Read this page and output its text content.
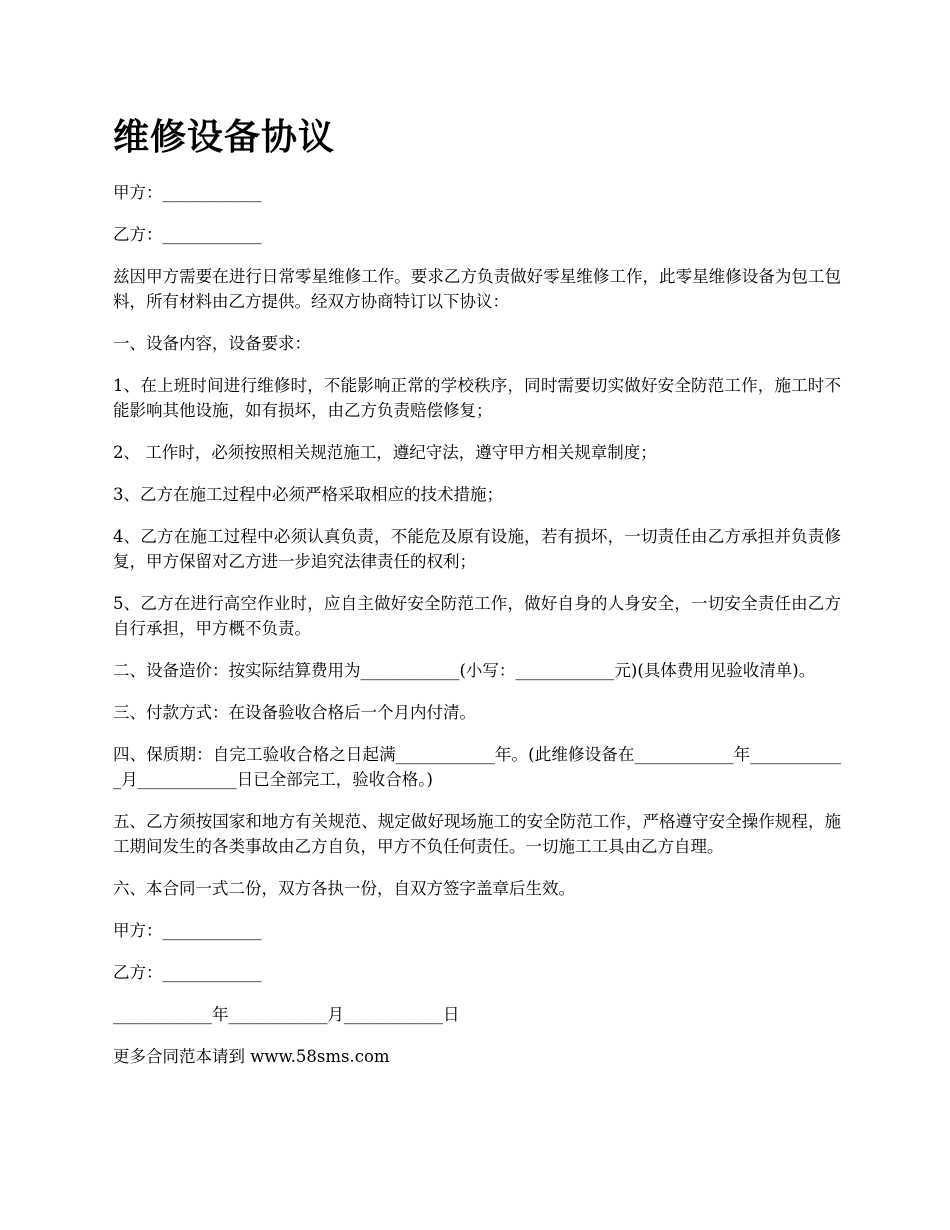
维修设备协议

甲方：____________

乙方：____________

兹因甲方需要在进行日常零星维修工作。要求乙方负责做好零星维修工作，此零星维修设备为包工包料，所有材料由乙方提供。经双方协商特订以下协议：

一、设备内容，设备要求：

1、在上班时间进行维修时，不能影响正常的学校秩序，同时需要切实做好安全防范工作，施工时不能影响其他设施，如有损坏，由乙方负责赔偿修复；

2、 工作时，必须按照相关规范施工，遵纪守法，遵守甲方相关规章制度；

3、乙方在施工过程中必须严格采取相应的技术措施；

4、乙方在施工过程中必须认真负责，不能危及原有设施，若有损坏，一切责任由乙方承担并负责修复，甲方保留对乙方进一步追究法律责任的权利；

5、乙方在进行高空作业时，应自主做好安全防范工作，做好自身的人身安全，一切安全责任由乙方自行承担，甲方概不负责。

二、设备造价：按实际结算费用为____________(小写：____________元)(具体费用见验收清单)。

三、付款方式：在设备验收合格后一个月内付清。

四、保质期：自完工验收合格之日起满____________年。(此维修设备在____________年____________月____________日已全部完工，验收合格。)

五、乙方须按国家和地方有关规范、规定做好现场施工的安全防范工作，严格遵守安全操作规程，施工期间发生的各类事故由乙方自负，甲方不负任何责任。一切施工工具由乙方自理。

六、本合同一式二份，双方各执一份，自双方签字盖章后生效。

甲方：____________

乙方：____________

____________年____________月____________日

更多合同范本请到 www.58sms.com
